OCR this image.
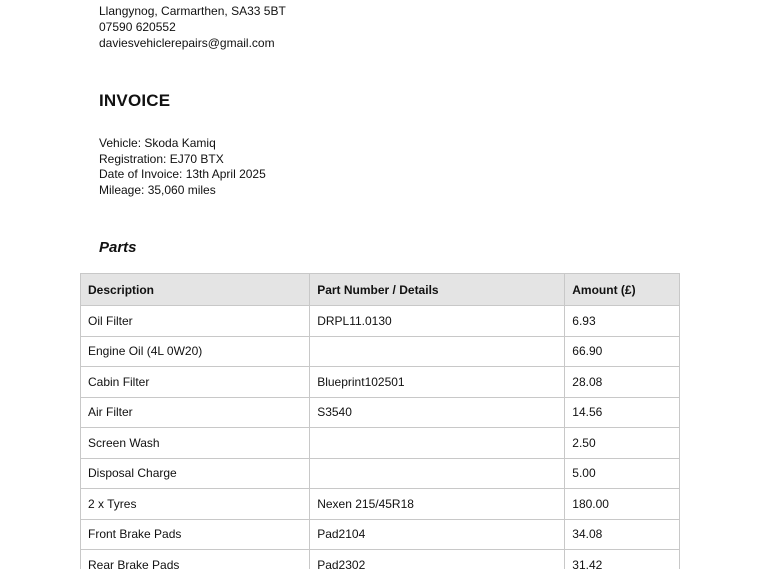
Llangynog, Carmarthen, SA33 5BT
07590 620552
daviesvehiclerepairs@gmail.com
INVOICE
Vehicle: Skoda Kamiq
Registration: EJ70 BTX
Date of Invoice: 13th April 2025
Mileage: 35,060 miles
Parts
Description	Part Number / Details	Amount (£)
Oil Filter	DRPL11.0130	6.93
Engine Oil (4L 0W20)		66.90
Cabin Filter	Blueprint102501	28.08
Air Filter	S3540	14.56
Screen Wash		2.50
Disposal Charge		5.00
2 x Tyres	Nexen 215/45R18	180.00
Front Brake Pads	Pad2104	34.08
Rear Brake Pads	Pad2302	31.42
